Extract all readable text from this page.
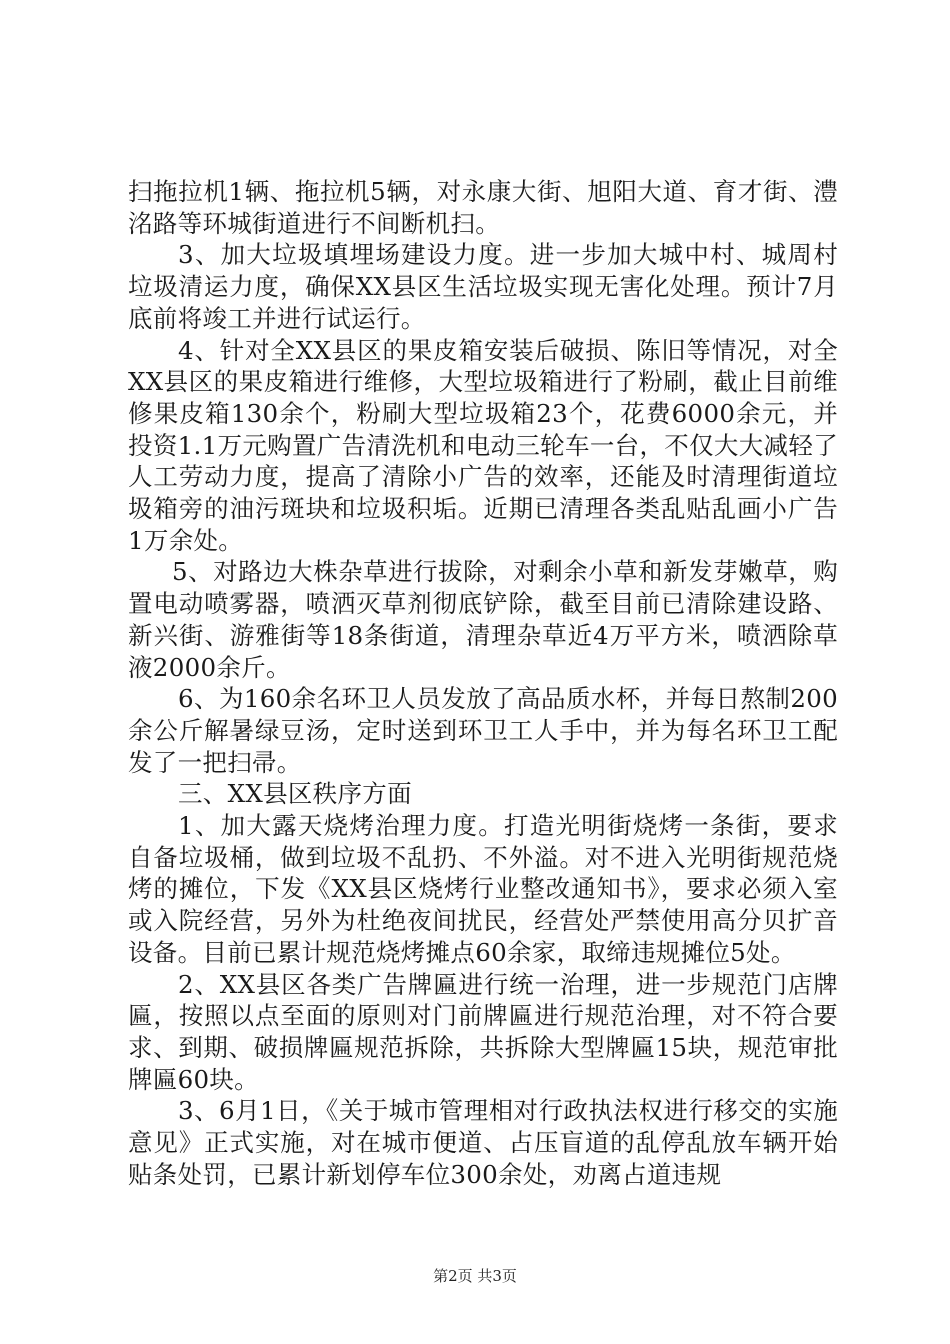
扫拖拉机1辆、拖拉机5辆，对永康大街、旭阳大道、育才街、澧洺路等环城街道进行不间断机扫。

3、加大垃圾填埋场建设力度。进一步加大城中村、城周村垃圾清运力度，确保XX县区生活垃圾实现无害化处理。预计7月底前将竣工并进行试运行。

4、针对全XX县区的果皮箱安装后破损、陈旧等情况，对全XX县区的果皮箱进行维修，大型垃圾箱进行了粉刷，截止目前维修果皮箱130余个，粉刷大型垃圾箱23个，花费6000余元，并投资1.1万元购置广告清洗机和电动三轮车一台，不仅大大减轻了人工劳动力度，提高了清除小广告的效率，还能及时清理街道垃圾箱旁的油污斑块和垃圾积垢。近期已清理各类乱贴乱画小广告1万余处。

5、对路边大株杂草进行拔除，对剩余小草和新发芽嫩草，购置电动喷雾器，喷洒灭草剂彻底铲除，截至目前已清除建设路、新兴街、游雅街等18条街道，清理杂草近4万平方米，喷洒除草液2000余斤。

6、为160余名环卫人员发放了高品质水杯，并每日熬制200余公斤解暑绿豆汤，定时送到环卫工人手中，并为每名环卫工配发了一把扫帚。

三、XX县区秩序方面

1、加大露天烧烤治理力度。打造光明街烧烤一条街，要求自备垃圾桶，做到垃圾不乱扔、不外溢。对不进入光明街规范烧烤的摊位，下发《XX县区烧烤行业整改通知书》，要求必须入室或入院经营，另外为杜绝夜间扰民，经营处严禁使用高分贝扩音设备。目前已累计规范烧烤摊点60余家，取缔违规摊位5处。

2、XX县区各类广告牌匾进行统一治理，进一步规范门店牌匾，按照以点至面的原则对门前牌匾进行规范治理，对不符合要求、到期、破损牌匾规范拆除，共拆除大型牌匾15块，规范审批牌匾60块。

3、6月1日，《关于城市管理相对行政执法权进行移交的实施意见》正式实施，对在城市便道、占压盲道的乱停乱放车辆开始贴条处罚，已累计新划停车位300余处，劝离占道违规

第2页 共3页
